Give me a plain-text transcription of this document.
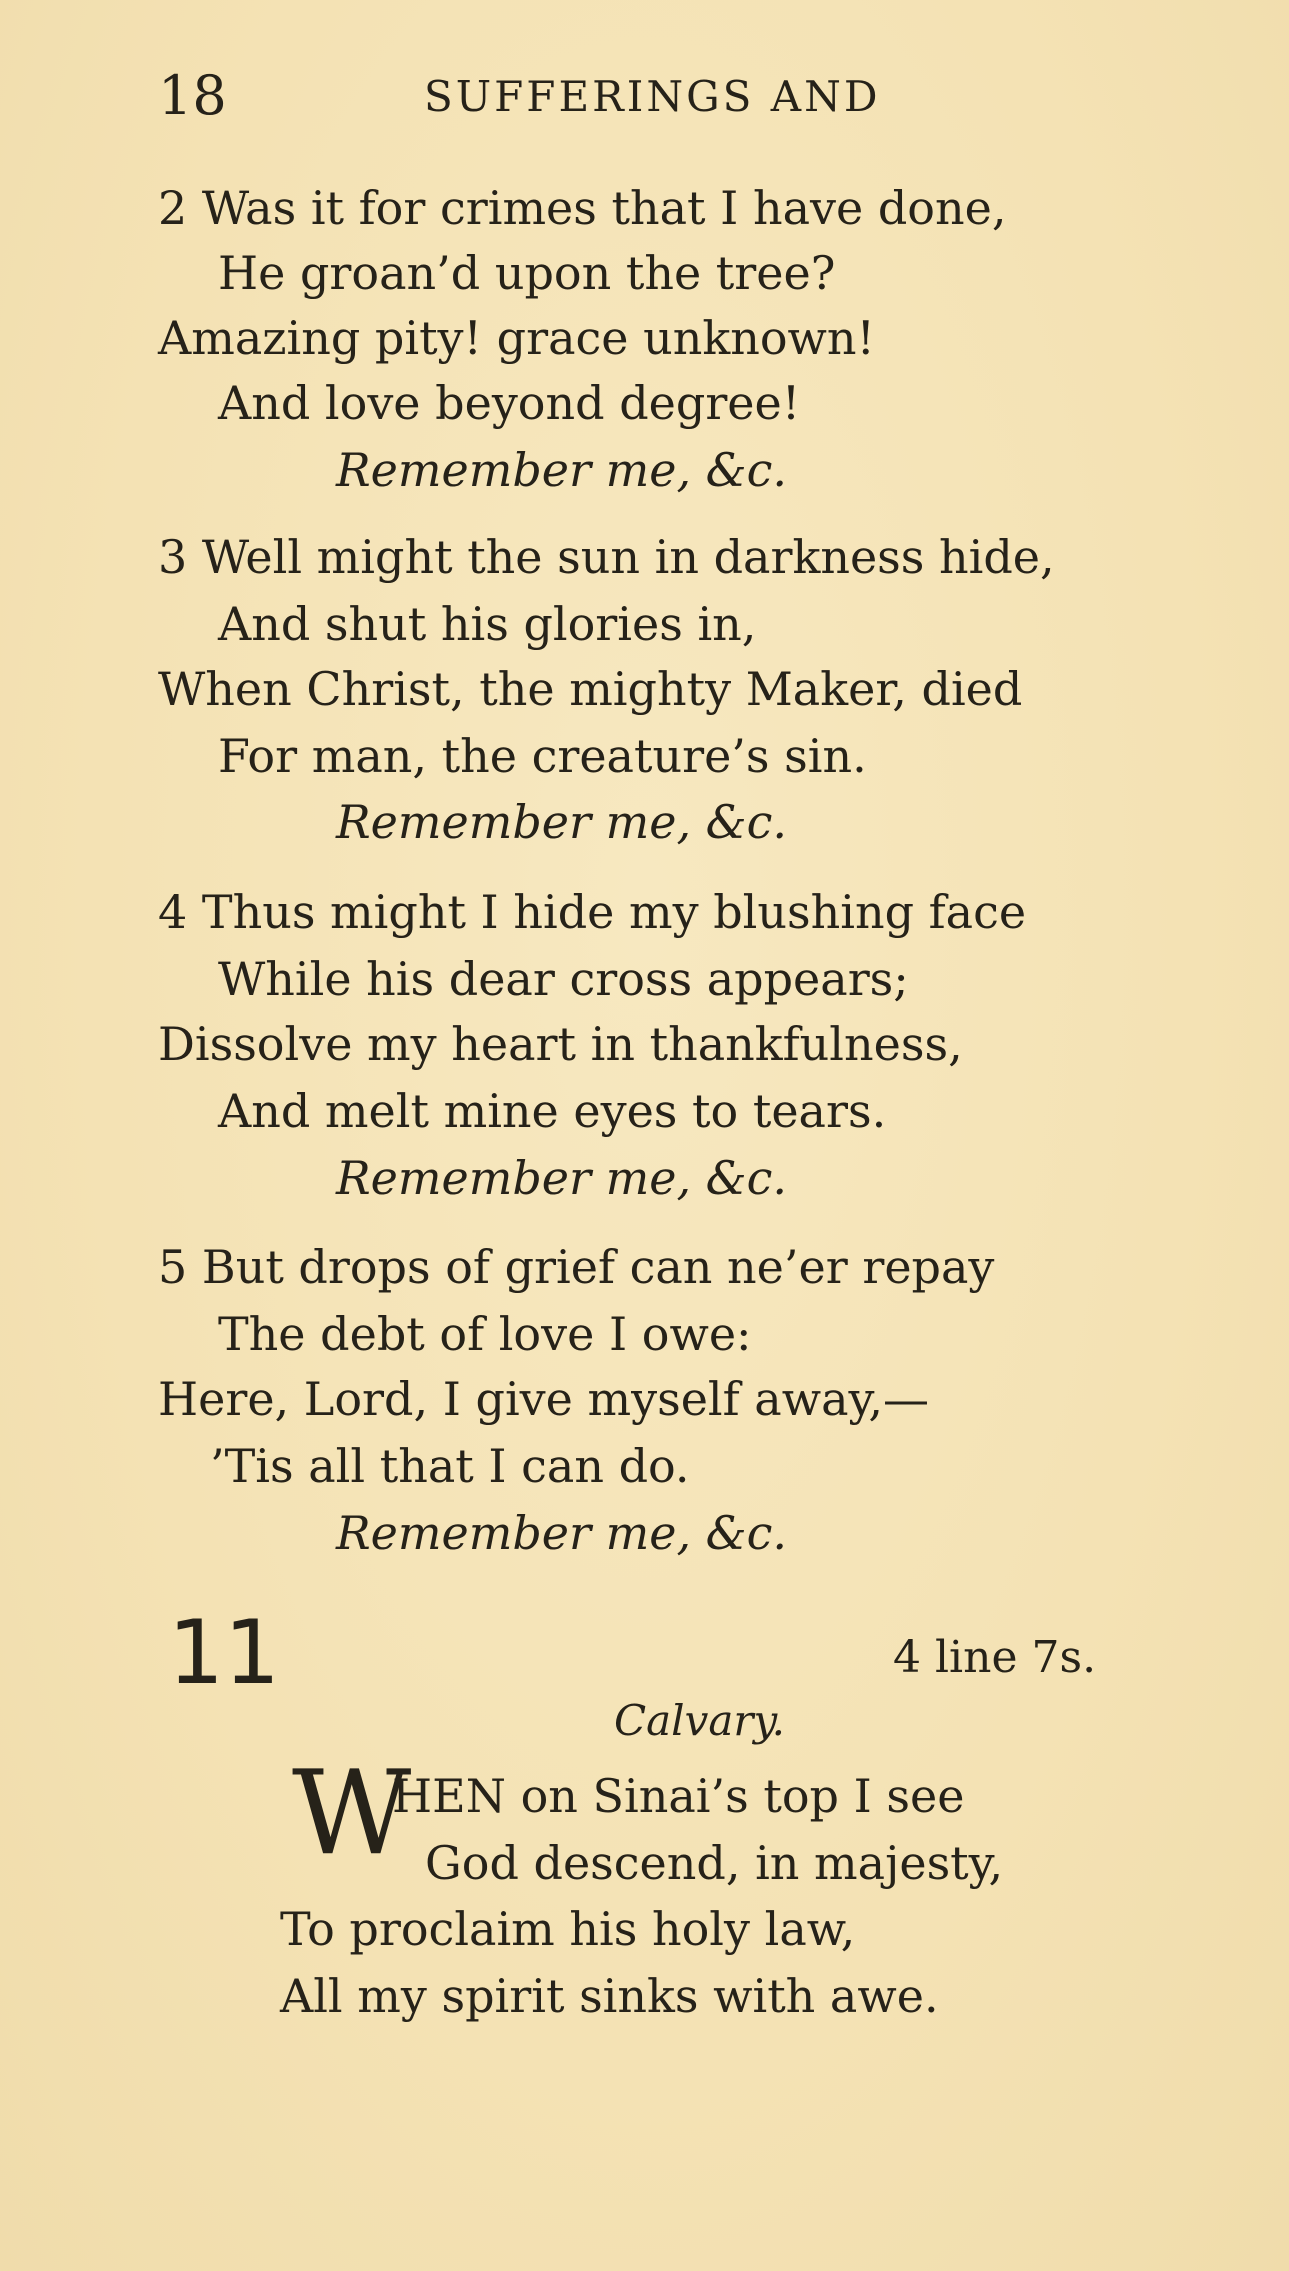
18	SUFFERINGS AND
2 Was it for crimes that I have done,
He groan’d upon the tree?
Amazing pity! grace unknown!
And love beyond degree!
Remember me, &c.
3 Well might the sun in darkness hide,
And shut his glories in,
When Christ, the mighty Maker, died
For man, the creature’s sin.
Remember me, &c.
4 Thus might I hide my blushing face
While his dear cross appears;
Dissolve my heart in thankfulness,
And melt mine eyes to tears.
Remember me, &c.
5 But drops of grief can ne’er repay
The debt of love I owe:
Here, Lord, I give myself away,—
’Tis all that I can do.
Remember me, &c.
11	4 line 7s.
Calvary.
W
HEN on Sinai’s top I see
God descend, in majesty,
To proclaim his holy law,
All my spirit sinks with awe.
